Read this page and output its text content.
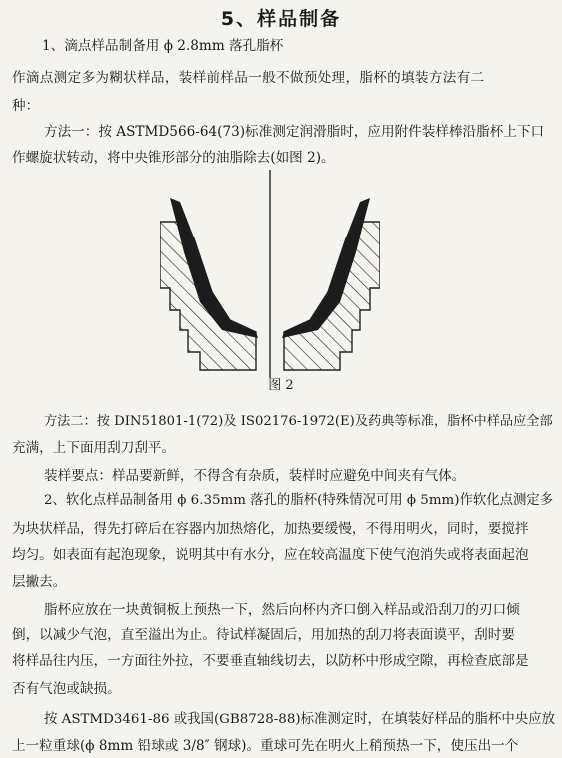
5、样品制备
1、滴点样品制备用 ϕ 2.8mm 落孔脂杯
作滴点测定多为糊状样品，装样前样品一般不做预处理，脂杯的填装方法有二
种：
方法一：按 ASTMD566-64(73)标准测定润滑脂时，应用附件装样棒沿脂杯上下口
作螺旋状转动，将中央锥形部分的油脂除去(如图 2)。
图 2
方法二：按 DIN51801-1(72)及 IS02176-1972(E)及药典等标准，脂杯中样品应全部
充满，上下面用刮刀刮平。
装样要点：样品要新鲜，不得含有杂质，装样时应避免中间夹有气体。
2、软化点样品制备用 ϕ 6.35mm 落孔的脂杯(特殊情况可用 ϕ 5mm)作软化点测定多
为块状样品，得先打碎后在容器内加热熔化，加热要缓慢，不得用明火，同时，要搅拌
均匀。如表面有起泡现象，说明其中有水分，应在较高温度下使气泡消失或将表面起泡
层撇去。
脂杯应放在一块黄铜板上预热一下，然后向杯内齐口倒入样品或沿刮刀的刃口倾
倒，以减少气泡，直至溢出为止。待试样凝固后，用加热的刮刀将表面谟平，刮时要
将样品往内压，一方面往外拉，不要垂直轴线切去，以防杯中形成空隙，再检查底部是
否有气泡或缺损。
按 ASTMD3461-86 或我国(GB8728-88)标准测定时，在填装好样品的脂杯中央应放
上一粒重球(ϕ 8mm 铅球或 3/8″ 钢球)。重球可先在明火上稍预热一下，使压出一个
